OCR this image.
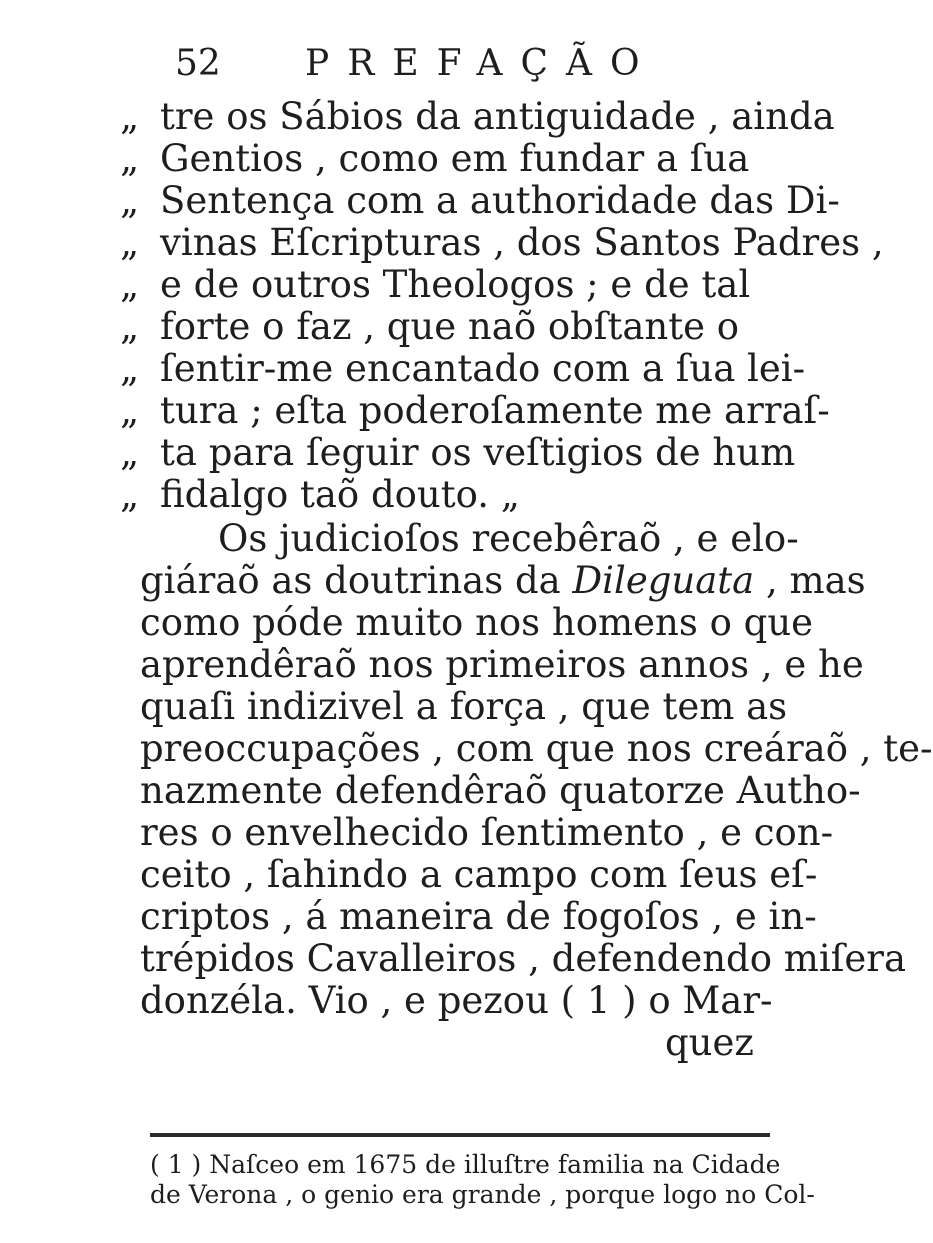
52 PREFAÇÃO
„ tre os Sábios da antiguidade , ainda
„ Gentios , como em fundar a ſua
„ Sentença com a authoridade das Di-
„ vinas Eſcripturas , dos Santos Padres ,
„ e de outros Theologos ; e de tal
„ forte o faz , que naõ obſtante o
„ ſentir-me encantado com a ſua lei-
„ tura ; eſta poderoſamente me arraſ-
„ ta para ſeguir os veſtigios de hum
„ fidalgo taõ douto. „
Os judicioſos recebêraõ , e elo-
giáraõ as doutrinas da Dileguata , mas
como póde muito nos homens o que
aprendêraõ nos primeiros annos , e he
quaſi indizivel a força , que tem as
preoccupações , com que nos creáraõ , te-
nazmente defendêraõ quatorze Autho-
res o envelhecido ſentimento , e con-
ceito , ſahindo a campo com ſeus eſ-
criptos , á maneira de fogoſos , e in-
trépidos Cavalleiros , defendendo miſera
donzéla. Vio , e pezou ( 1 ) o Mar-
quez
( 1 ) Naſceo em 1675 de illuſtre familia na Cidade
de Verona , o genio era grande , porque logo no Col-
